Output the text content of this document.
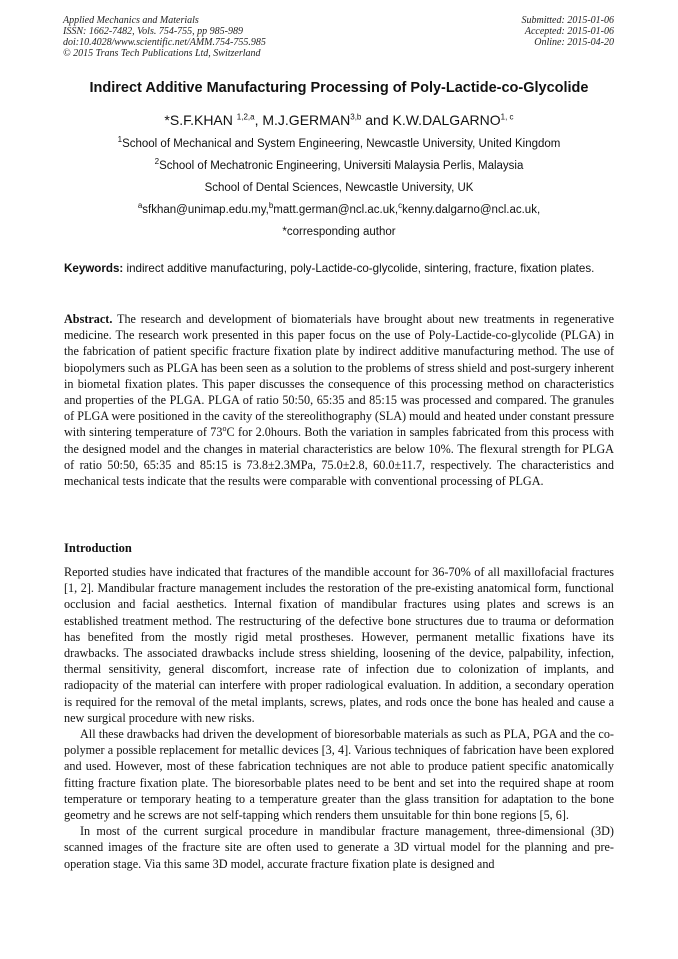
Applied Mechanics and Materials
ISSN: 1662-7482, Vols. 754-755, pp 985-989
doi:10.4028/www.scientific.net/AMM.754-755.985
© 2015 Trans Tech Publications Ltd, Switzerland
Submitted: 2015-01-06
Accepted: 2015-01-06
Online: 2015-04-20
Indirect Additive Manufacturing Processing of Poly-Lactide-co-Glycolide
*S.F.KHAN $^{1,2,a}$, M.J.GERMAN$^{3,b}$ and K.W.DALGARNO$^{1, c}$
$^1$School of Mechanical and System Engineering, Newcastle University, United Kingdom
$^2$School of Mechatronic Engineering, Universiti Malaysia Perlis, Malaysia
School of Dental Sciences, Newcastle University, UK
$^a$sfkhan@unimap.edu.my,$^b$matt.german@ncl.ac.uk,$^c$kenny.dalgarno@ncl.ac.uk,
*corresponding author
Keywords: indirect additive manufacturing, poly-Lactide-co-glycolide, sintering, fracture, fixation plates.
Abstract. The research and development of biomaterials have brought about new treatments in regenerative medicine. The research work presented in this paper focus on the use of Poly-Lactide-co-glycolide (PLGA) in the fabrication of patient specific fracture fixation plate by indirect additive manufacturing method. The use of biopolymers such as PLGA has been seen as a solution to the problems of stress shield and post-surgery inherent in biometal fixation plates. This paper discusses the consequence of this processing method on characteristics and properties of the PLGA. PLGA of ratio 50:50, 65:35 and 85:15 was processed and compared. The granules of PLGA were positioned in the cavity of the stereolithography (SLA) mould and heated under constant pressure with sintering temperature of 73$^o$C for 2.0hours. Both the variation in samples fabricated from this process with the designed model and the changes in material characteristics are below 10%. The flexural strength for PLGA of ratio 50:50, 65:35 and 85:15 is 73.8±2.3MPa, 75.0±2.8, 60.0±11.7, respectively. The characteristics and mechanical tests indicate that the results were comparable with conventional processing of PLGA.
Introduction

Reported studies have indicated that fractures of the mandible account for 36-70% of all maxillofacial fractures [1, 2]. Mandibular fracture management includes the restoration of the pre-existing anatomical form, functional occlusion and facial aesthetics. Internal fixation of mandibular fractures using plates and screws is an established treatment method. The restructuring of the defective bone structures due to trauma or deformation has benefited from the mostly rigid metal prostheses. However, permanent metallic fixations have its drawbacks. The associated drawbacks include stress shielding, loosening of the device, palpability, infection, thermal sensitivity, general discomfort, increase rate of infection due to colonization of implants, and radiopacity of the material can interfere with proper radiological evaluation. In addition, a secondary operation is required for the removal of the metal implants, screws, plates, and rods once the bone has healed and cause a new surgical procedure with new risks.

All these drawbacks had driven the development of bioresorbable materials as such as PLA, PGA and the co-polymer a possible replacement for metallic devices [3, 4]. Various techniques of fabrication have been explored and used. However, most of these fabrication techniques are not able to produce patient specific anatomically fitting fracture fixation plate. The bioresorbable plates need to be bent and set into the required shape at room temperature or temporary heating to a temperature greater than the glass transition for adaptation to the bone geometry and he screws are not self-tapping which renders them unsuitable for thin bone regions [5, 6].

In most of the current surgical procedure in mandibular fracture management, three-dimensional (3D) scanned images of the fracture site are often used to generate a 3D virtual model for the planning and pre-operation stage. Via this same 3D model, accurate fracture fixation plate is designed and
